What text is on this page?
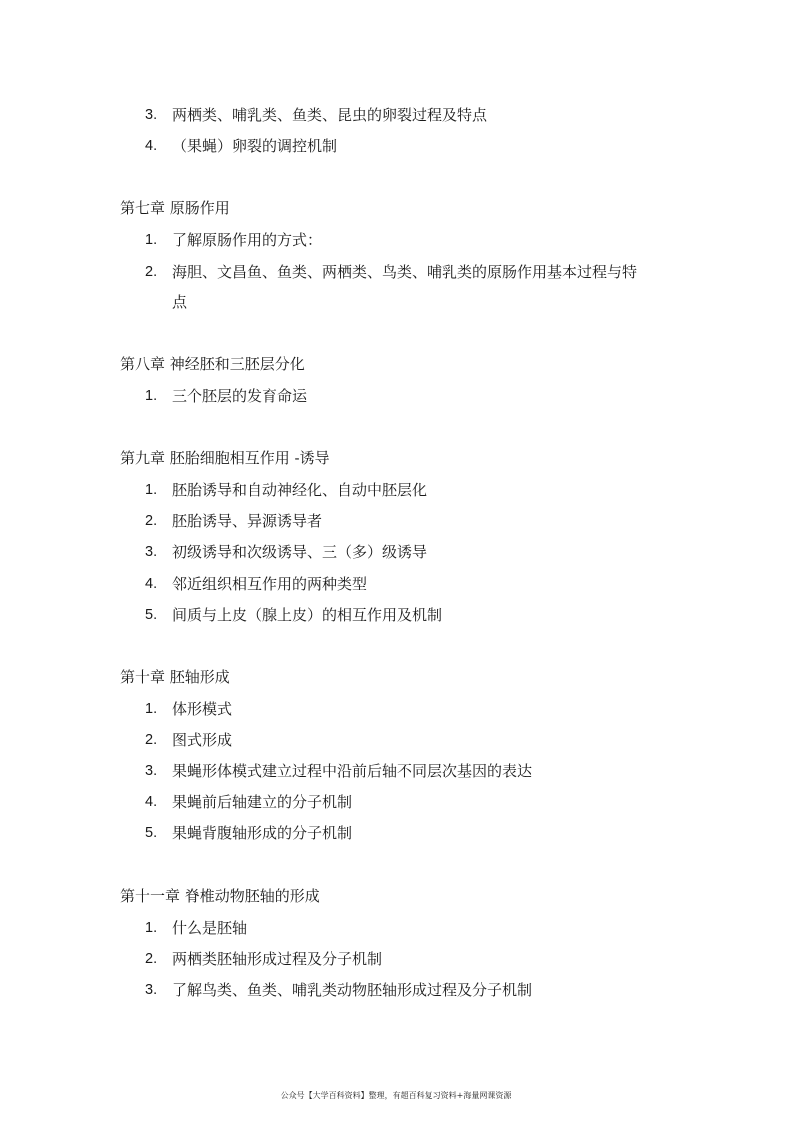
3. 两栖类、哺乳类、鱼类、昆虫的卵裂过程及特点
4. （果蝇）卵裂的调控机制
第七章 原肠作用
1. 了解原肠作用的方式：
2. 海胆、文昌鱼、鱼类、两栖类、鸟类、哺乳类的原肠作用基本过程与特
点
第八章 神经胚和三胚层分化
1. 三个胚层的发育命运
第九章 胚胎细胞相互作用 -诱导
1. 胚胎诱导和自动神经化、自动中胚层化
2. 胚胎诱导、异源诱导者
3. 初级诱导和次级诱导、三（多）级诱导
4. 邻近组织相互作用的两种类型
5. 间质与上皮（腺上皮）的相互作用及机制
第十章 胚轴形成
1. 体形模式
2. 图式形成
3. 果蝇形体模式建立过程中沿前后轴不同层次基因的表达
4. 果蝇前后轴建立的分子机制
5. 果蝇背腹轴形成的分子机制
第十一章 脊椎动物胚轴的形成
1. 什么是胚轴
2. 两栖类胚轴形成过程及分子机制
3. 了解鸟类、鱼类、哺乳类动物胚轴形成过程及分子机制
公众号【大学百科资料】整理，有超百科复习资料+海量网课资源
